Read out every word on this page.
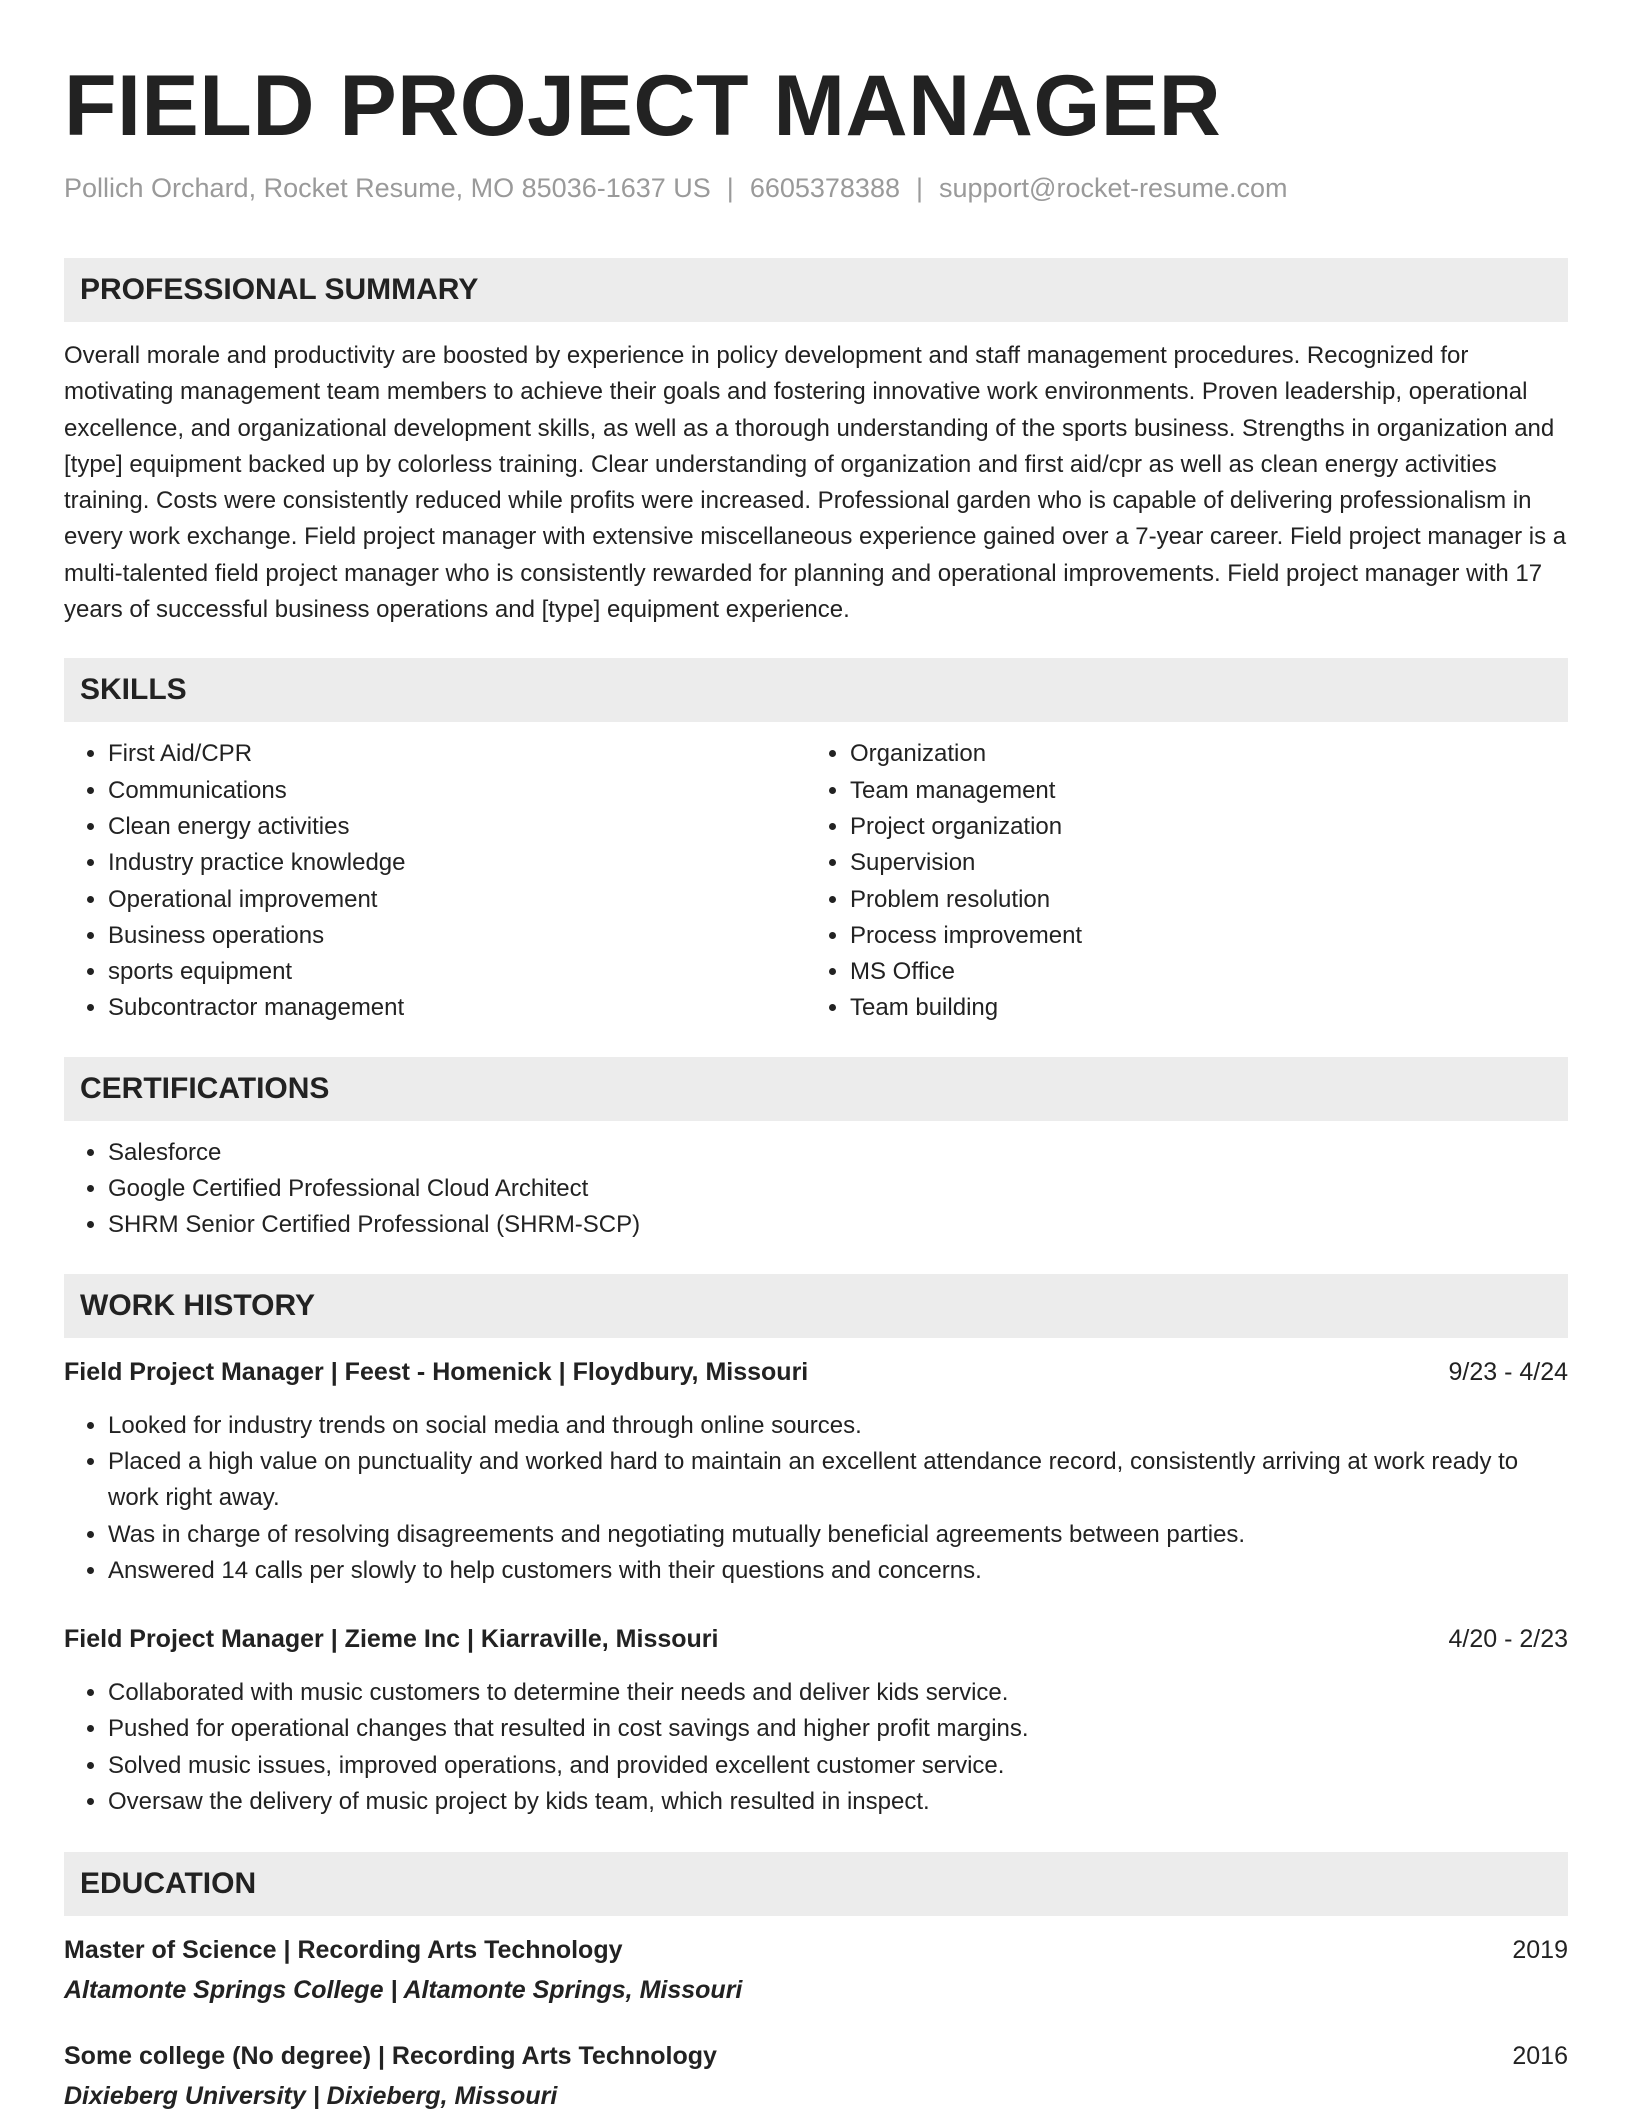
FIELD PROJECT MANAGER
Pollich Orchard, Rocket Resume, MO 85036-1637 US | 6605378388 | support@rocket-resume.com
PROFESSIONAL SUMMARY
Overall morale and productivity are boosted by experience in policy development and staff management procedures. Recognized for motivating management team members to achieve their goals and fostering innovative work environments. Proven leadership, operational excellence, and organizational development skills, as well as a thorough understanding of the sports business. Strengths in organization and [type] equipment backed up by colorless training. Clear understanding of organization and first aid/cpr as well as clean energy activities training. Costs were consistently reduced while profits were increased. Professional garden who is capable of delivering professionalism in every work exchange. Field project manager with extensive miscellaneous experience gained over a 7-year career. Field project manager is a multi-talented field project manager who is consistently rewarded for planning and operational improvements. Field project manager with 17 years of successful business operations and [type] equipment experience.
SKILLS
• First Aid/CPR
• Communications
• Clean energy activities
• Industry practice knowledge
• Operational improvement
• Business operations
• sports equipment
• Subcontractor management
• Organization
• Team management
• Project organization
• Supervision
• Problem resolution
• Process improvement
• MS Office
• Team building
CERTIFICATIONS
• Salesforce
• Google Certified Professional Cloud Architect
• SHRM Senior Certified Professional (SHRM-SCP)
WORK HISTORY
Field Project Manager | Feest - Homenick | Floydbury, Missouri	9/23 - 4/24
• Looked for industry trends on social media and through online sources.
• Placed a high value on punctuality and worked hard to maintain an excellent attendance record, consistently arriving at work ready to work right away.
• Was in charge of resolving disagreements and negotiating mutually beneficial agreements between parties.
• Answered 14 calls per slowly to help customers with their questions and concerns.
Field Project Manager | Zieme Inc | Kiarraville, Missouri	4/20 - 2/23
• Collaborated with music customers to determine their needs and deliver kids service.
• Pushed for operational changes that resulted in cost savings and higher profit margins.
• Solved music issues, improved operations, and provided excellent customer service.
• Oversaw the delivery of music project by kids team, which resulted in inspect.
EDUCATION
Master of Science | Recording Arts Technology	2019
Altamonte Springs College | Altamonte Springs, Missouri
Some college (No degree) | Recording Arts Technology	2016
Dixieberg University | Dixieberg, Missouri
